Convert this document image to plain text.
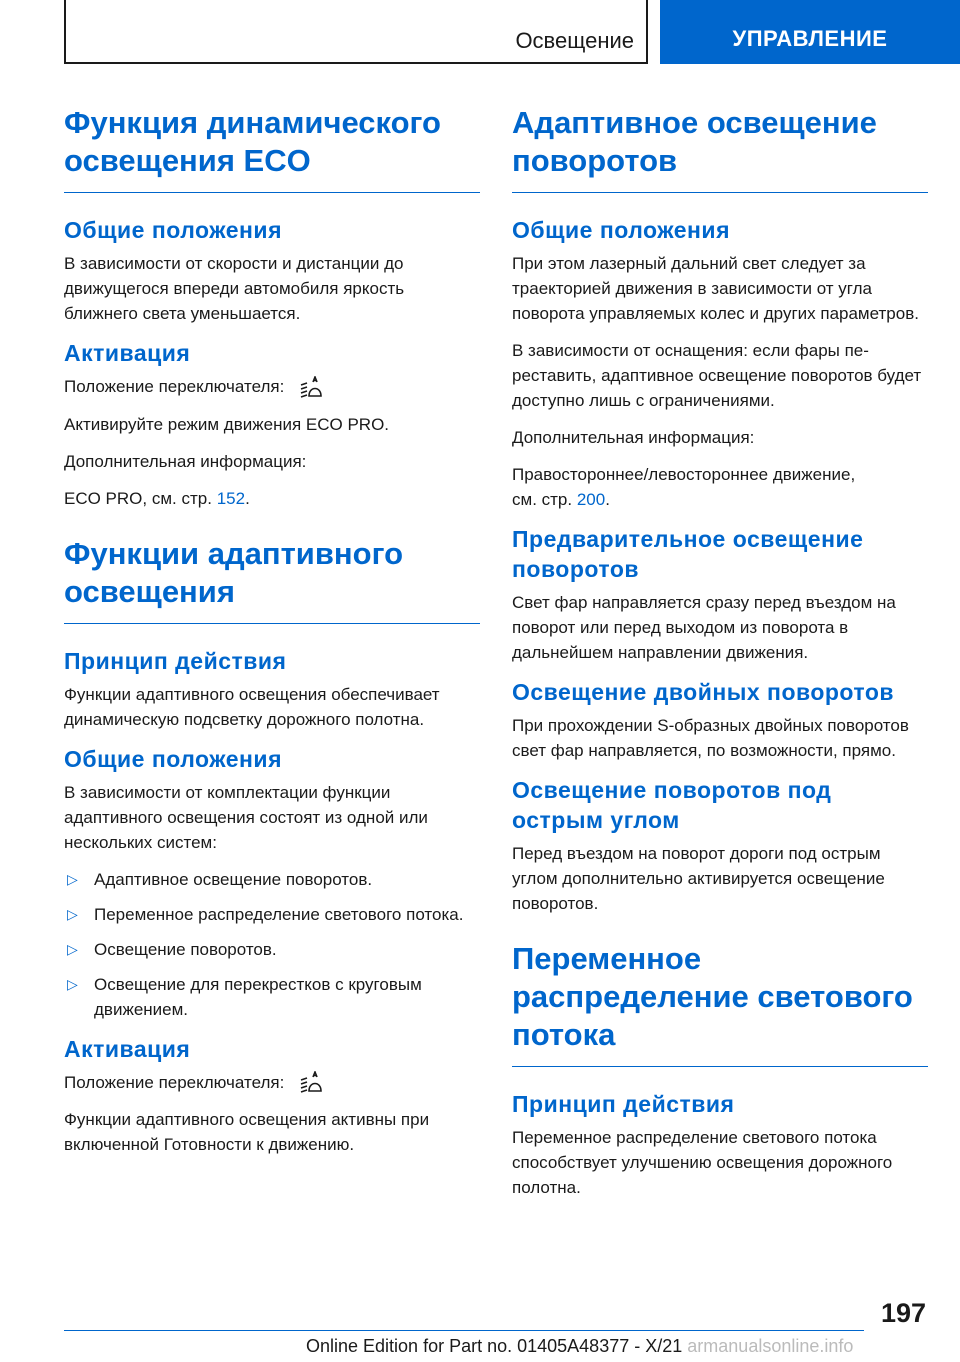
Освещение	УПРАВЛЕНИЕ
Функция динамического освещения ECO
Общие положения

В зависимости от скорости и дистанции до движущегося впереди автомобиля яркость ближнего света уменьшается.

Активация

Положение переключателя:

Активируйте режим движения ECO PRO.

Дополнительная информация:

ECO PRO, см. стр. 152.

Функции адаптивного освещения
Принцип действия

Функции адаптивного освещения обеспечивает динамическую подсветку дорожного полотна.

Общие положения

В зависимости от комплектации функции адаптивного освещения состоят из одной или нескольких систем:

▷ Адаптивное освещение поворотов.
▷ Переменное распределение светового потока.
▷ Освещение поворотов.
▷ Освещение для перекрестков с круговым движением.
Активация

Положение переключателя:

Функции адаптивного освещения активны при включенной Готовности к движению.

Адаптивное освещение поворотов
Общие положения

При этом лазерный дальний свет следует за траекторией движения в зависимости от угла поворота управляемых колес и других параметров.

В зависимости от оснащения: если фары переставить, адаптивное освещение поворотов будет доступно лишь с ограничениями.

Дополнительная информация:

Правостороннее/левостороннее движение,
см. стр. 200.

Предварительное освещение поворотов

Свет фар направляется сразу перед въездом на поворот или перед выходом из поворота в дальнейшем направлении движения.

Освещение двойных поворотов

При прохождении S-образных двойных поворотов свет фар направляется, по возможности, прямо.

Освещение поворотов под острым углом

Перед въездом на поворот дороги под острым углом дополнительно активируется освещение поворотов.

Переменное распределение светового потока
Принцип действия

Переменное распределение светового потока способствует улучшению освещения дорожного полотна.

197
Online Edition for Part no. 01405A48377 - X/21 armanualsonline.info
